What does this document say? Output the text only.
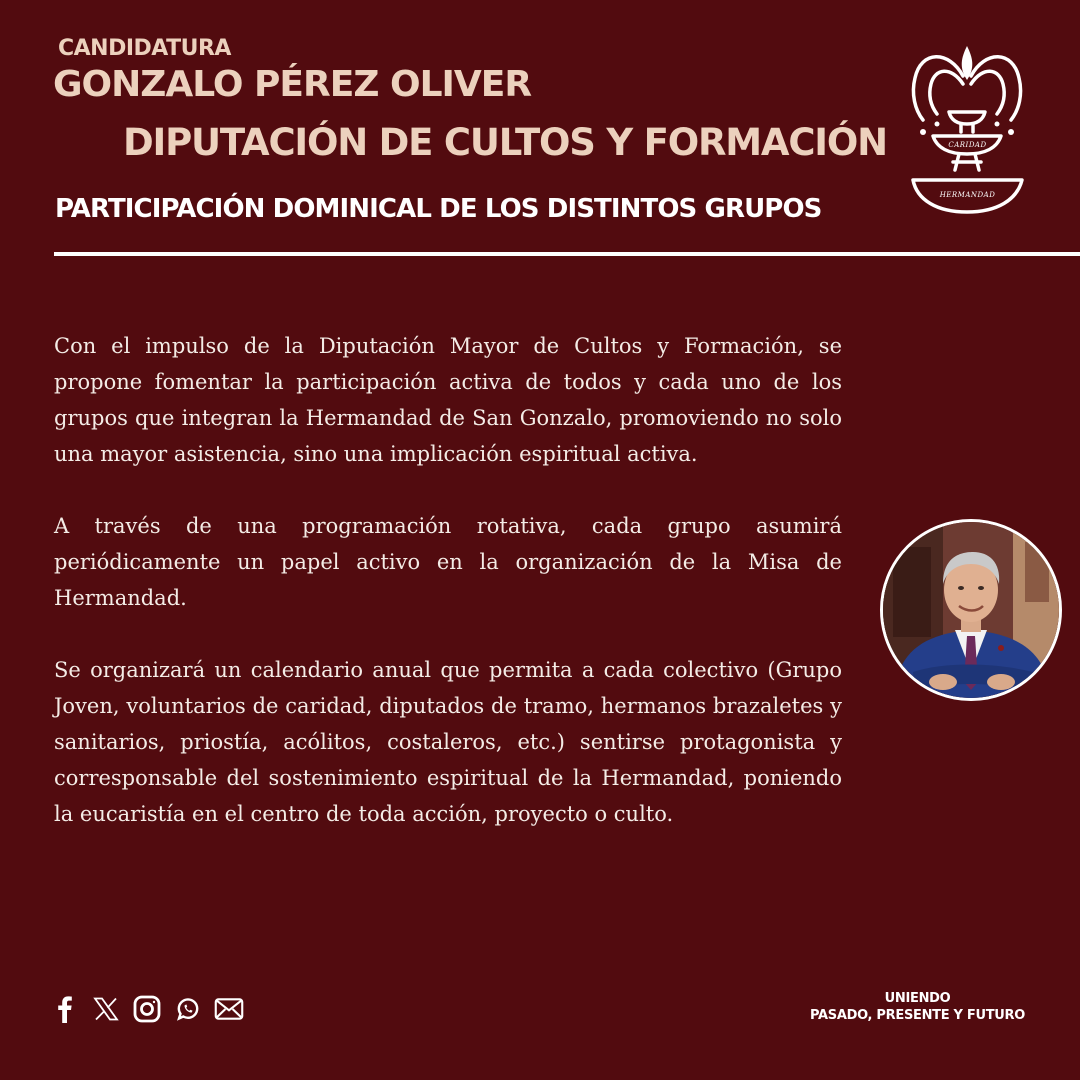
CANDIDATURA
GONZALO PÉREZ OLIVER
DIPUTACIÓN DE CULTOS Y FORMACIÓN
PARTICIPACIÓN DOMINICAL DE LOS DISTINTOS GRUPOS
CARIDAD
HERMANDAD

Con el impulso de la Diputación Mayor de Cultos y Formación, se propone fomentar la participación activa de todos y cada uno de los grupos que integran la Hermandad de San Gonzalo, promoviendo no solo una mayor asistencia, sino una implicación espiritual activa.

A través de una programación rotativa, cada grupo asumirá periódicamente un papel activo en la organización de la Misa de Hermandad.

Se organizará un calendario anual que permita a cada colectivo (Grupo Joven, voluntarios de caridad, diputados de tramo, hermanos brazaletes y sanitarios, priostía, acólitos, costaleros, etc.) sentirse protagonista y corresponsable del sostenimiento espiritual de la Hermandad, poniendo la eucaristía en el centro de toda acción, proyecto o culto.

UNIENDO
PASADO, PRESENTE Y FUTURO
